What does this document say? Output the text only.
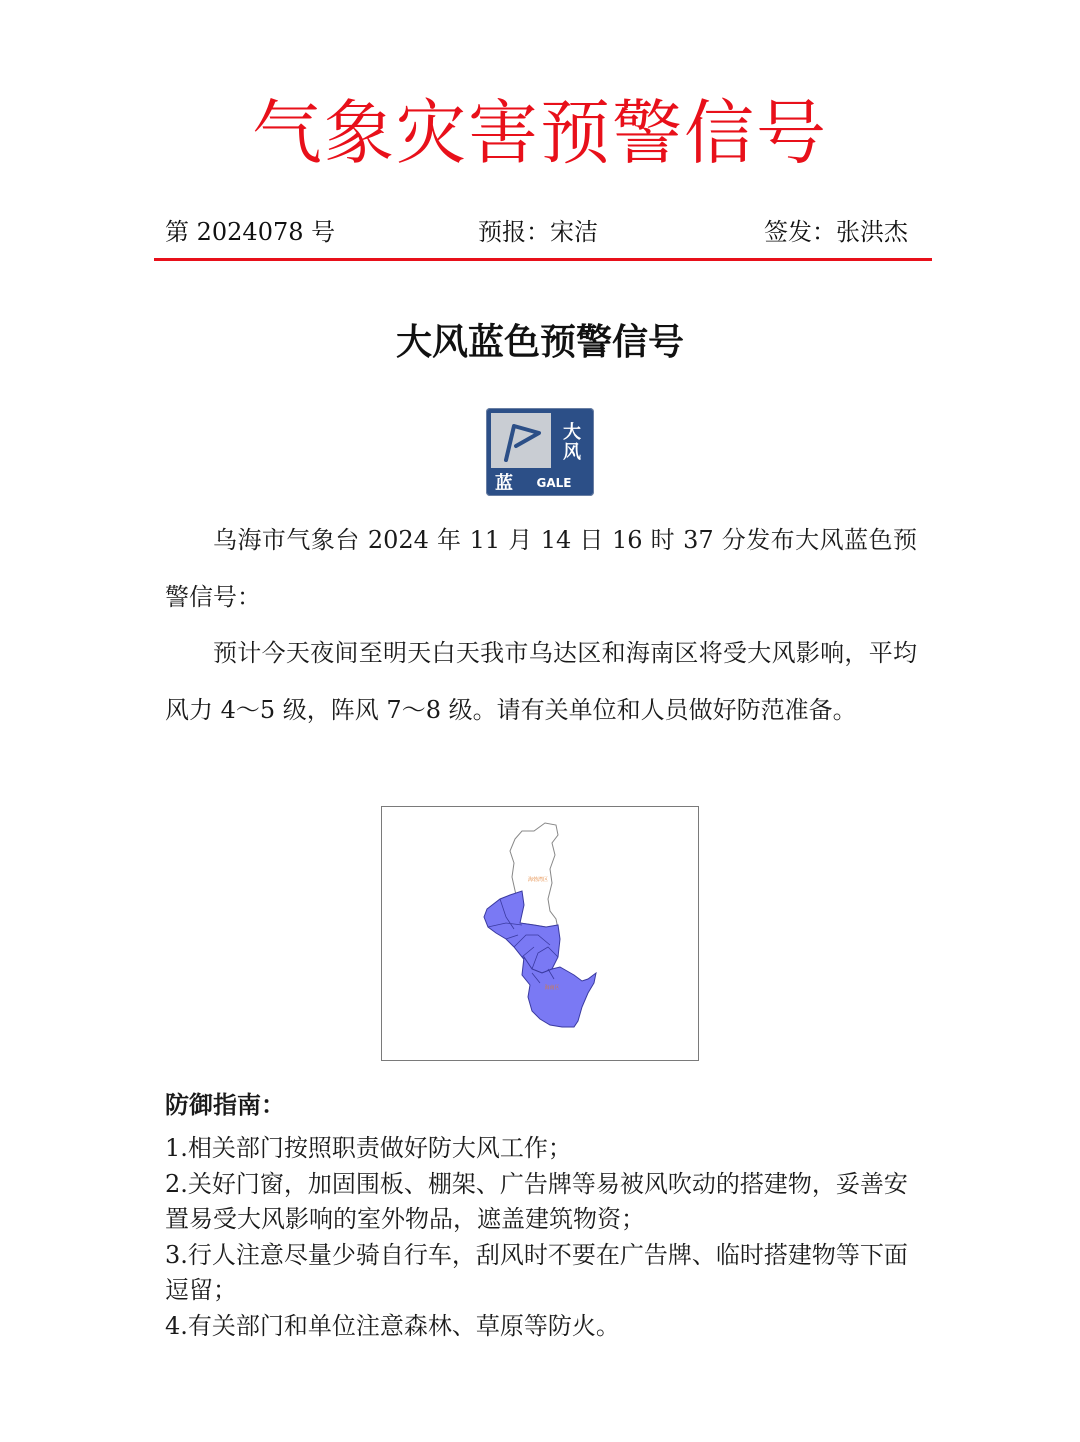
气象灾害预警信号
第 2024078 号	预报：宋洁	签发：张洪杰
大风蓝色预警信号
大
风
蓝 GALE
乌海市气象台 2024 年 11 月 14 日 16 时 37 分发布大风蓝色预警信号：
预计今天夜间至明天白天我市乌达区和海南区将受大风影响，平均风力 4～5 级，阵风 7～8 级。请有关单位和人员做好防范准备。
海勃湾区
海南区
防御指南：
1.相关部门按照职责做好防大风工作；
2.关好门窗，加固围板、棚架、广告牌等易被风吹动的搭建物，妥善安置易受大风影响的室外物品，遮盖建筑物资；
3.行人注意尽量少骑自行车，刮风时不要在广告牌、临时搭建物等下面逗留；
4.有关部门和单位注意森林、草原等防火。
